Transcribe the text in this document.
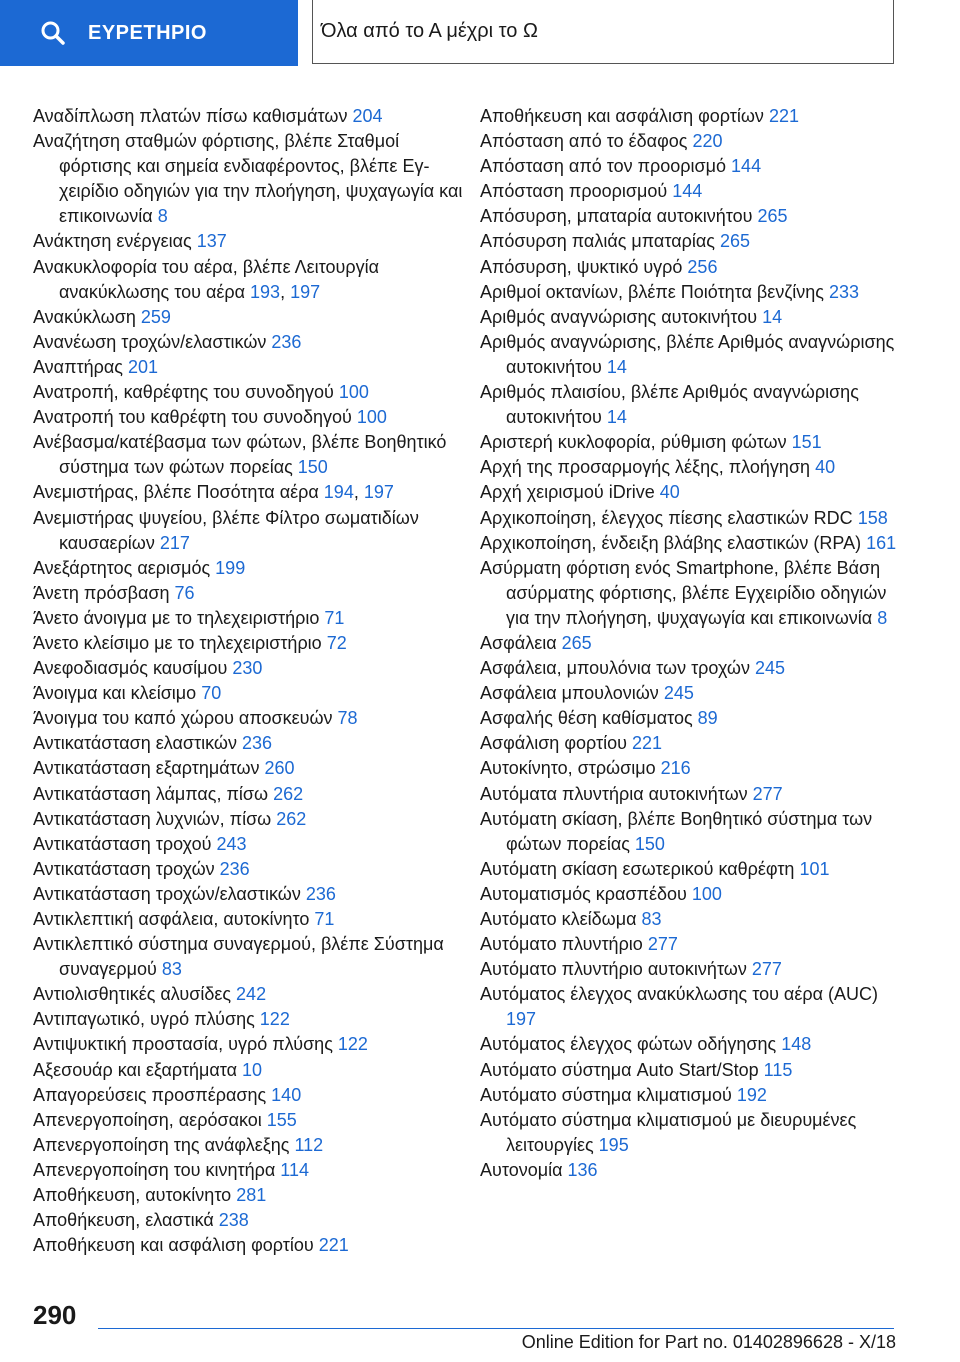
ΕΥΡΕΤΗΡΙΟ	Όλα από το Α μέχρι το Ω
Αναδίπλωση πλατών πίσω καθισμάτων 204
Αναζήτηση σταθμών φόρτισης, βλέπε Σταθμοί φόρτισης και σημεία ενδιαφέροντος, βλέπε Εγχειρίδιο οδηγιών για την πλοήγηση, ψυχαγωγία και επικοινωνία 8
Ανάκτηση ενέργειας 137
Ανακυκλοφορία του αέρα, βλέπε Λειτουργία ανακύκλωσης του αέρα 193, 197
Ανακύκλωση 259
Ανανέωση τροχών/ελαστικών 236
Αναπτήρας 201
Ανατροπή, καθρέφτης του συνοδηγού 100
Ανατροπή του καθρέφτη του συνοδηγού 100
Ανέβασμα/κατέβασμα των φώτων, βλέπε Βοηθητικό σύστημα των φώτων πορείας 150
Ανεμιστήρας, βλέπε Ποσότητα αέρα 194, 197
Ανεμιστήρας ψυγείου, βλέπε Φίλτρο σωματιδίων καυσαερίων 217
Ανεξάρτητος αερισμός 199
Άνετη πρόσβαση 76
Άνετο άνοιγμα με το τηλεχειριστήριο 71
Άνετο κλείσιμο με το τηλεχειριστήριο 72
Ανεφοδιασμός καυσίμου 230
Άνοιγμα και κλείσιμο 70
Άνοιγμα του καπό χώρου αποσκευών 78
Αντικατάσταση ελαστικών 236
Αντικατάσταση εξαρτημάτων 260
Αντικατάσταση λάμπας, πίσω 262
Αντικατάσταση λυχνιών, πίσω 262
Αντικατάσταση τροχού 243
Αντικατάσταση τροχών 236
Αντικατάσταση τροχών/ελαστικών 236
Αντικλεπτική ασφάλεια, αυτοκίνητο 71
Αντικλεπτικό σύστημα συναγερμού, βλέπε Σύστημα συναγερμού 83
Αντιολισθητικές αλυσίδες 242
Αντιπαγωτικό, υγρό πλύσης 122
Αντιψυκτική προστασία, υγρό πλύσης 122
Αξεσουάρ και εξαρτήματα 10
Απαγορεύσεις προσπέρασης 140
Απενεργοποίηση, αερόσακοι 155
Απενεργοποίηση της ανάφλεξης 112
Απενεργοποίηση του κινητήρα 114
Αποθήκευση, αυτοκίνητο 281
Αποθήκευση, ελαστικά 238
Αποθήκευση και ασφάλιση φορτίου 221
Αποθήκευση και ασφάλιση φορτίων 221
Απόσταση από το έδαφος 220
Απόσταση από τον προορισμό 144
Απόσταση προορισμού 144
Απόσυρση, μπαταρία αυτοκινήτου 265
Απόσυρση παλιάς μπαταρίας 265
Απόσυρση, ψυκτικό υγρό 256
Αριθμοί οκτανίων, βλέπε Ποιότητα βενζίνης 233
Αριθμός αναγνώρισης αυτοκινήτου 14
Αριθμός αναγνώρισης, βλέπε Αριθμός αναγνώρισης αυτοκινήτου 14
Αριθμός πλαισίου, βλέπε Αριθμός αναγνώρισης αυτοκινήτου 14
Αριστερή κυκλοφορία, ρύθμιση φώτων 151
Αρχή της προσαρμογής λέξης, πλοήγηση 40
Αρχή χειρισμού iDrive 40
Αρχικοποίηση, έλεγχος πίεσης ελαστικών RDC 158
Αρχικοποίηση, ένδειξη βλάβης ελαστικών (RPA) 161
Ασύρματη φόρτιση ενός Smartphone, βλέπε Βάση ασύρματης φόρτισης, βλέπε Εγχειρίδιο οδηγιών για την πλοήγηση, ψυχαγωγία και επικοινωνία 8
Ασφάλεια 265
Ασφάλεια, μπουλόνια των τροχών 245
Ασφάλεια μπουλονιών 245
Ασφαλής θέση καθίσματος 89
Ασφάλιση φορτίου 221
Αυτοκίνητο, στρώσιμο 216
Αυτόματα πλυντήρια αυτοκινήτων 277
Αυτόματη σκίαση, βλέπε Βοηθητικό σύστημα των φώτων πορείας 150
Αυτόματη σκίαση εσωτερικού καθρέφτη 101
Αυτοματισμός κρασπέδου 100
Αυτόματο κλείδωμα 83
Αυτόματο πλυντήριο 277
Αυτόματο πλυντήριο αυτοκινήτων 277
Αυτόματος έλεγχος ανακύκλωσης του αέρα (AUC) 197
Αυτόματος έλεγχος φώτων οδήγησης 148
Αυτόματο σύστημα Auto Start/Stop 115
Αυτόματο σύστημα κλιματισμού 192
Αυτόματο σύστημα κλιματισμού με διευρυμένες λειτουργίες 195
Αυτονομία 136
290
Online Edition for Part no. 01402896628 - X/18
